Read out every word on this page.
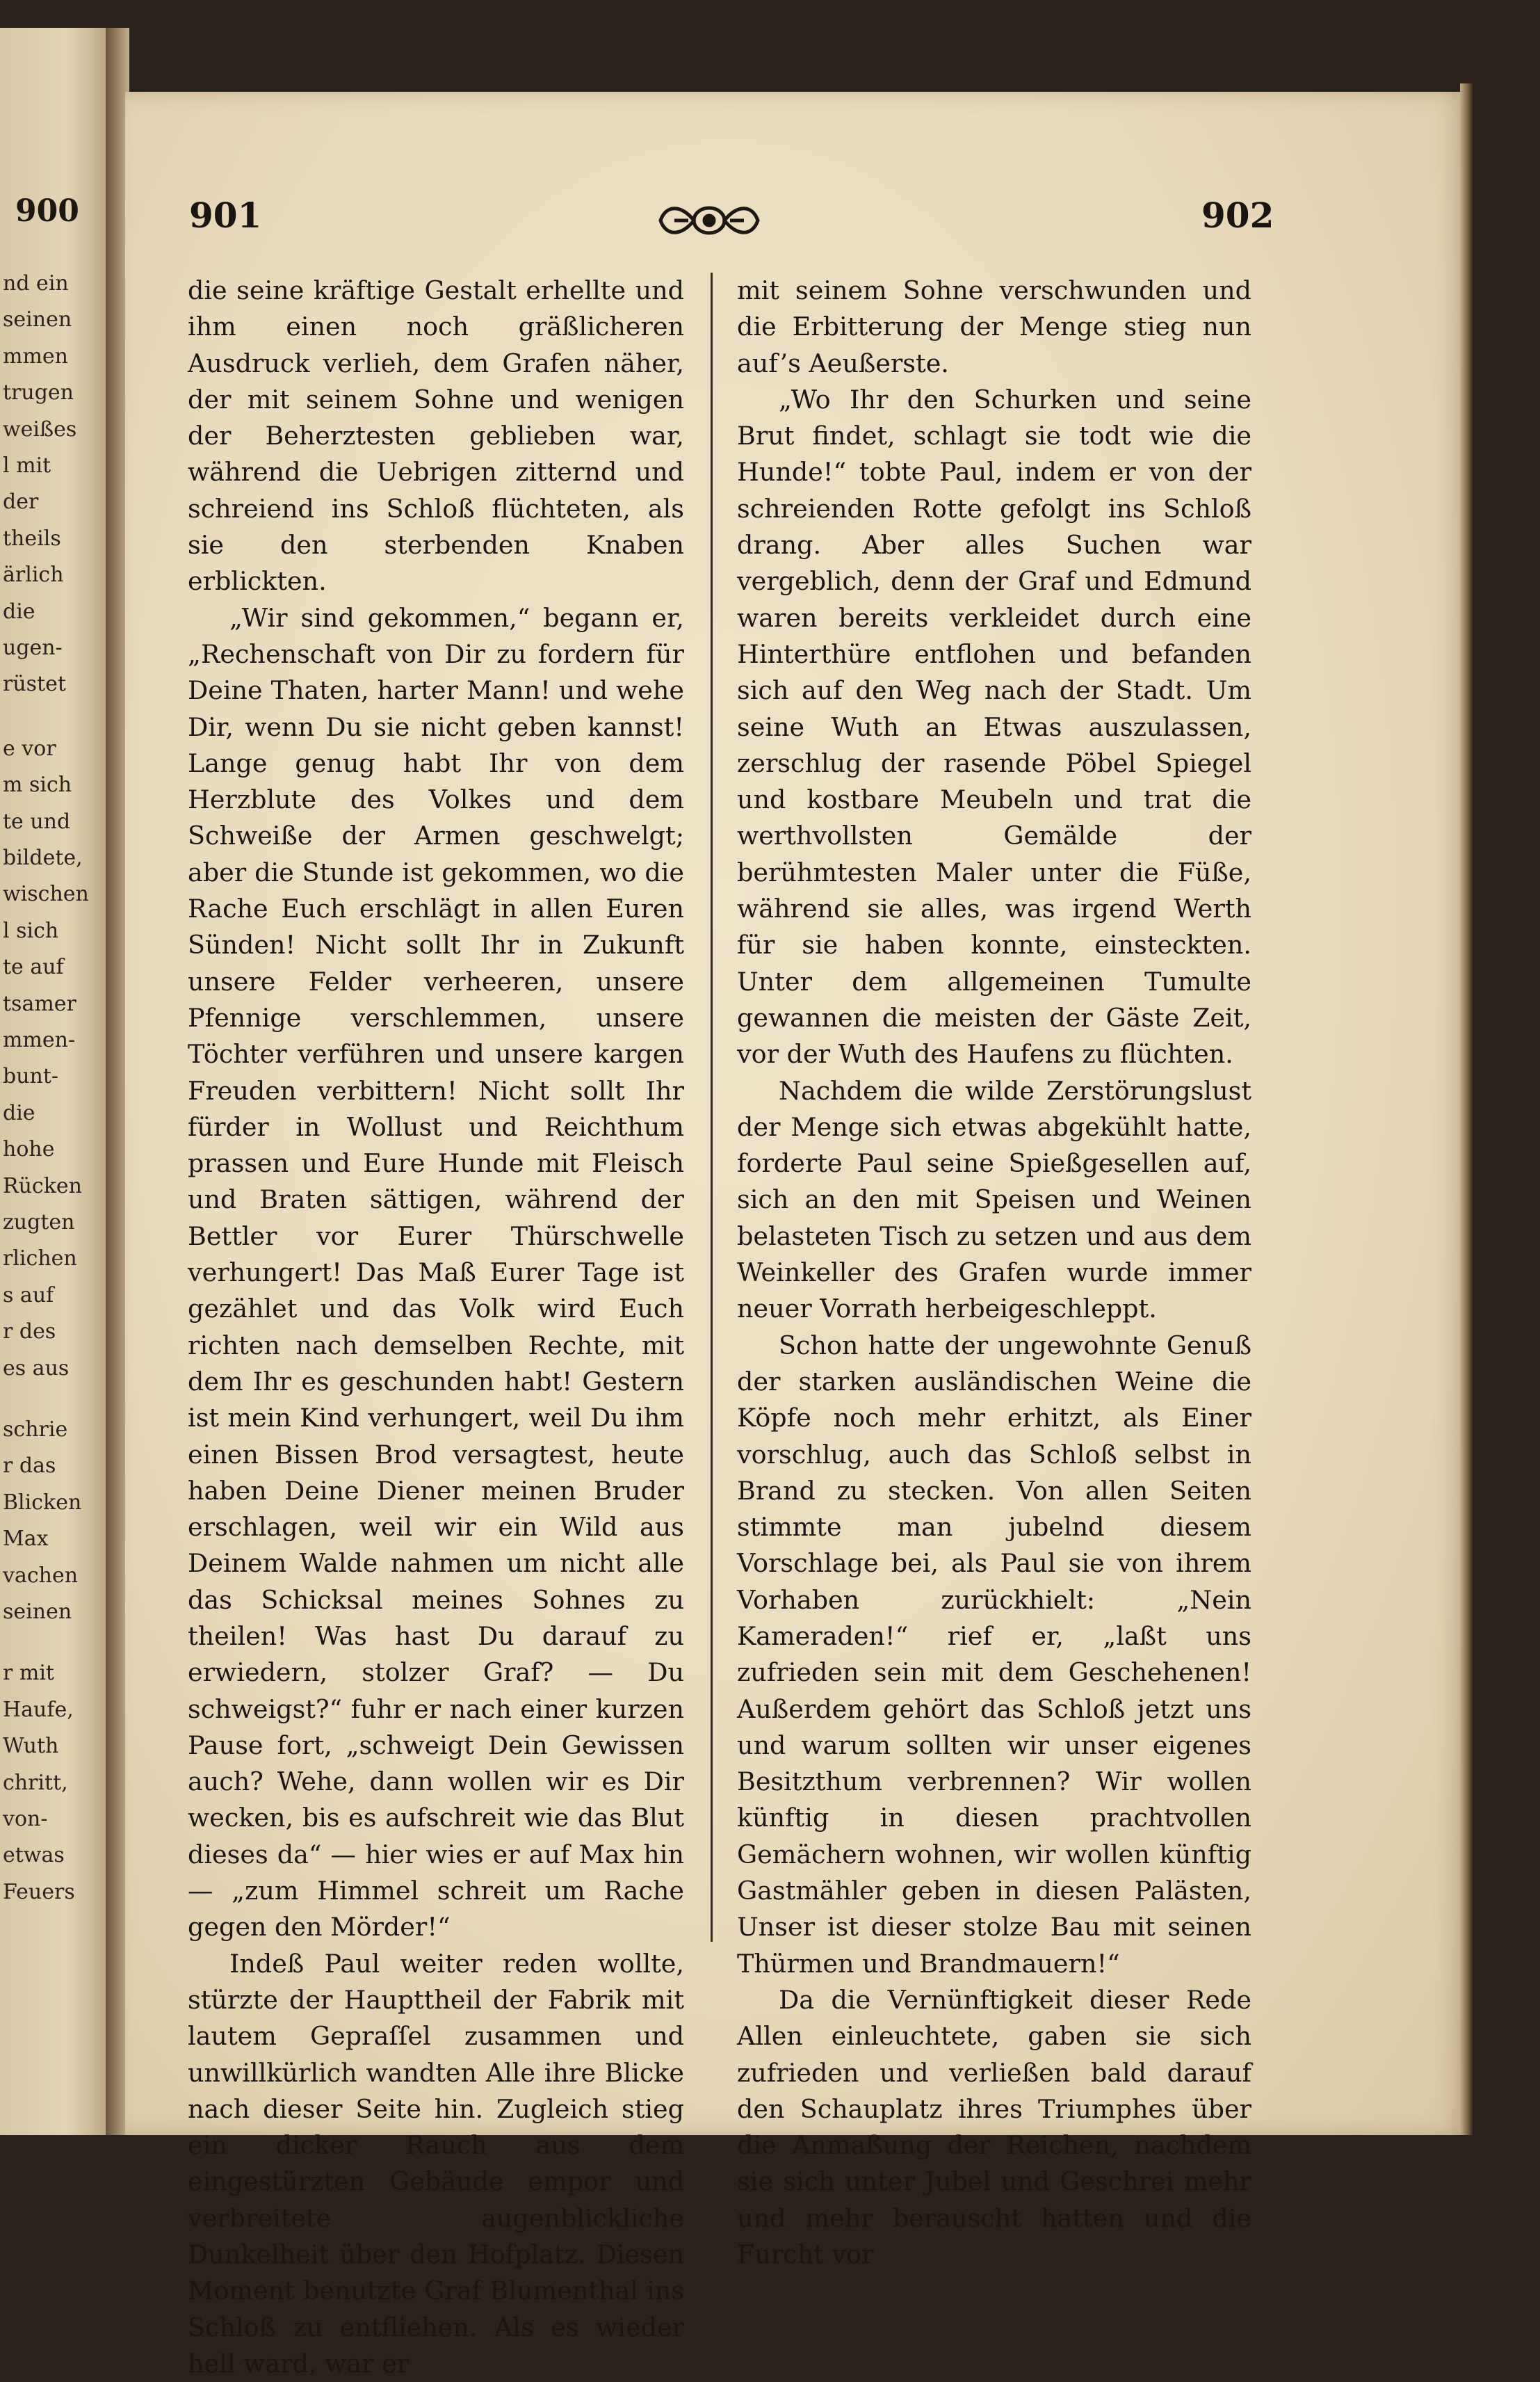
900
nd ein
seinen
mmen
trugen
weißes
l mit
der
theils
ärlich
die
ugen-
rüstet
e vor
m sich
te und
bildete,
wischen
l sich
te auf
tsamer
mmen-
bunt-
die
hohe
Rücken
zugten
rlichen
s auf
r des
es aus
schrie
r das
Blicken
Max
vachen
seinen
r mit
Haufe,
Wuth
chritt,
von-
etwas
Feuers
901	902

die seine kräftige Gestalt erhellte und ihm einen noch gräßlicheren Ausdruck verlieh, dem Grafen näher, der mit seinem Sohne und wenigen der Beherztesten geblieben war, während die Uebrigen zitternd und schreiend ins Schloß flüchteten, als sie den sterbenden Knaben erblickten.

„Wir sind gekommen,“ begann er, „Rechenschaft von Dir zu fordern für Deine Thaten, harter Mann! und wehe Dir, wenn Du sie nicht geben kannst! Lange genug habt Ihr von dem Herzblute des Volkes und dem Schweiße der Armen geschwelgt; aber die Stunde ist gekommen, wo die Rache Euch erschlägt in allen Euren Sünden! Nicht sollt Ihr in Zukunft unsere Felder verheeren, unsere Pfennige verschlemmen, unsere Töchter verführen und unsere kargen Freuden verbittern! Nicht sollt Ihr fürder in Wollust und Reichthum prassen und Eure Hunde mit Fleisch und Braten sättigen, während der Bettler vor Eurer Thürschwelle verhungert! Das Maß Eurer Tage ist gezählet und das Volk wird Euch richten nach demselben Rechte, mit dem Ihr es geschunden habt! Gestern ist mein Kind verhungert, weil Du ihm einen Bissen Brod versagtest, heute haben Deine Diener meinen Bruder erschlagen, weil wir ein Wild aus Deinem Walde nahmen um nicht alle das Schicksal meines Sohnes zu theilen! Was hast Du darauf zu erwiedern, stolzer Graf? — Du schweigst?“ fuhr er nach einer kurzen Pause fort, „schweigt Dein Gewissen auch? Wehe, dann wollen wir es Dir wecken, bis es aufschreit wie das Blut dieses da“ — hier wies er auf Max hin — „zum Himmel schreit um Rache gegen den Mörder!“

Indeß Paul weiter reden wollte, stürzte der Haupttheil der Fabrik mit lautem Gepraſſel zusammen und unwillkürlich wandten Alle ihre Blicke nach dieser Seite hin. Zugleich stieg ein dicker Rauch aus dem eingestürzten Gebäude empor und verbreitete augenblickliche Dunkelheit über den Hofplatz. Diesen Moment benutzte Graf Blumenthal ins Schloß zu entfliehen. Als es wieder hell ward, war er

mit seinem Sohne verschwunden und die Erbitterung der Menge stieg nun auf’s Aeußerste.

„Wo Ihr den Schurken und seine Brut findet, schlagt sie todt wie die Hunde!“ tobte Paul, indem er von der schreienden Rotte gefolgt ins Schloß drang. Aber alles Suchen war vergeblich, denn der Graf und Edmund waren bereits verkleidet durch eine Hinterthüre entflohen und befanden sich auf den Weg nach der Stadt. Um seine Wuth an Etwas auszulassen, zerschlug der rasende Pöbel Spiegel und kostbare Meubeln und trat die werthvollsten Gemälde der berühmtesten Maler unter die Füße, während sie alles, was irgend Werth für sie haben konnte, einsteckten. Unter dem allgemeinen Tumulte gewannen die meisten der Gäste Zeit, vor der Wuth des Haufens zu flüchten.

Nachdem die wilde Zerstörungslust der Menge sich etwas abgekühlt hatte, forderte Paul seine Spießgesellen auf, sich an den mit Speisen und Weinen belasteten Tisch zu setzen und aus dem Weinkeller des Grafen wurde immer neuer Vorrath herbeigeschleppt.

Schon hatte der ungewohnte Genuß der starken ausländischen Weine die Köpfe noch mehr erhitzt, als Einer vorschlug, auch das Schloß selbst in Brand zu stecken. Von allen Seiten stimmte man jubelnd diesem Vorschlage bei, als Paul sie von ihrem Vorhaben zurückhielt: „Nein Kameraden!“ rief er, „laßt uns zufrieden sein mit dem Geschehenen! Außerdem gehört das Schloß jetzt uns und warum sollten wir unser eigenes Besitzthum verbrennen? Wir wollen künftig in diesen prachtvollen Gemächern wohnen, wir wollen künftig Gastmähler geben in diesen Palästen, Unser ist dieser stolze Bau mit seinen Thürmen und Brandmauern!“

Da die Vernünftigkeit dieser Rede Allen einleuchtete, gaben sie sich zufrieden und verließen bald darauf den Schauplatz ihres Triumphes über die Anmaßung der Reichen, nachdem sie sich unter Jubel und Geschrei mehr und mehr berauscht hatten und die Furcht vor
